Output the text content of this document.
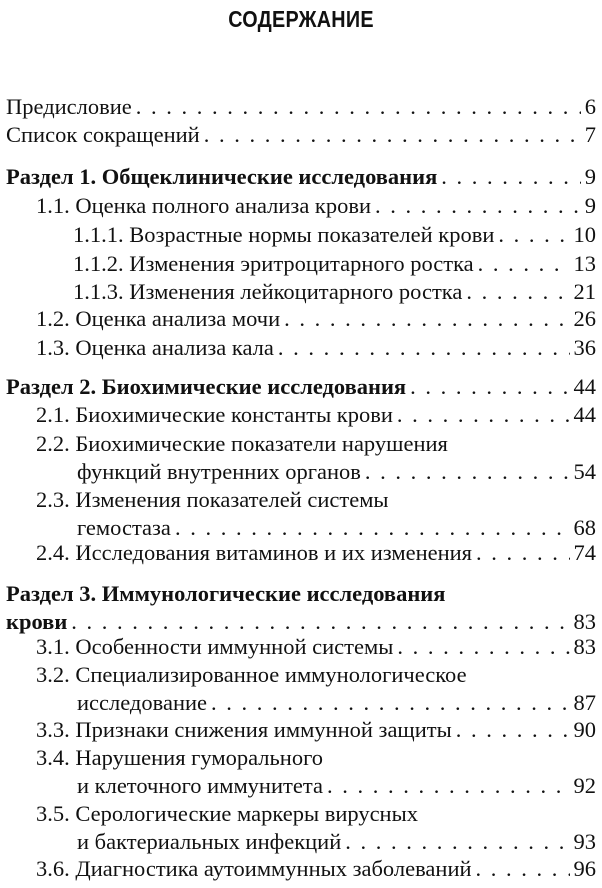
СОДЕРЖАНИЕ
Предисловие . . .	6
Список сокращений . . .	7
Раздел 1. Общеклинические исследования . . .	9
1.1. Оценка полного анализа крови . . .	9
1.1.1. Возрастные нормы показателей крови . . .	10
1.1.2. Изменения эритроцитарного ростка . . .	13
1.1.3. Изменения лейкоцитарного ростка . . .	21
1.2. Оценка анализа мочи . . .	26
1.3. Оценка анализа кала . . .	36
Раздел 2. Биохимические исследования . . .	44
2.1. Биохимические константы крови . . .	44
2.2. Биохимические показатели нарушения
функций внутренних органов . . .	54
2.3. Изменения показателей системы
гемостаза . . .	68
2.4. Исследования витаминов и их изменения . . .	74
Раздел 3. Иммунологические исследования
крови . . .	83
3.1. Особенности иммунной системы . . .	83
3.2. Специализированное иммунологическое
исследование . . .	87
3.3. Признаки снижения иммунной защиты . . .	90
3.4. Нарушения гуморального
и клеточного иммунитета . . .	92
3.5. Серологические маркеры вирусных
и бактериальных инфекций . . .	93
3.6. Диагностика аутоиммунных заболеваний . . .	96
